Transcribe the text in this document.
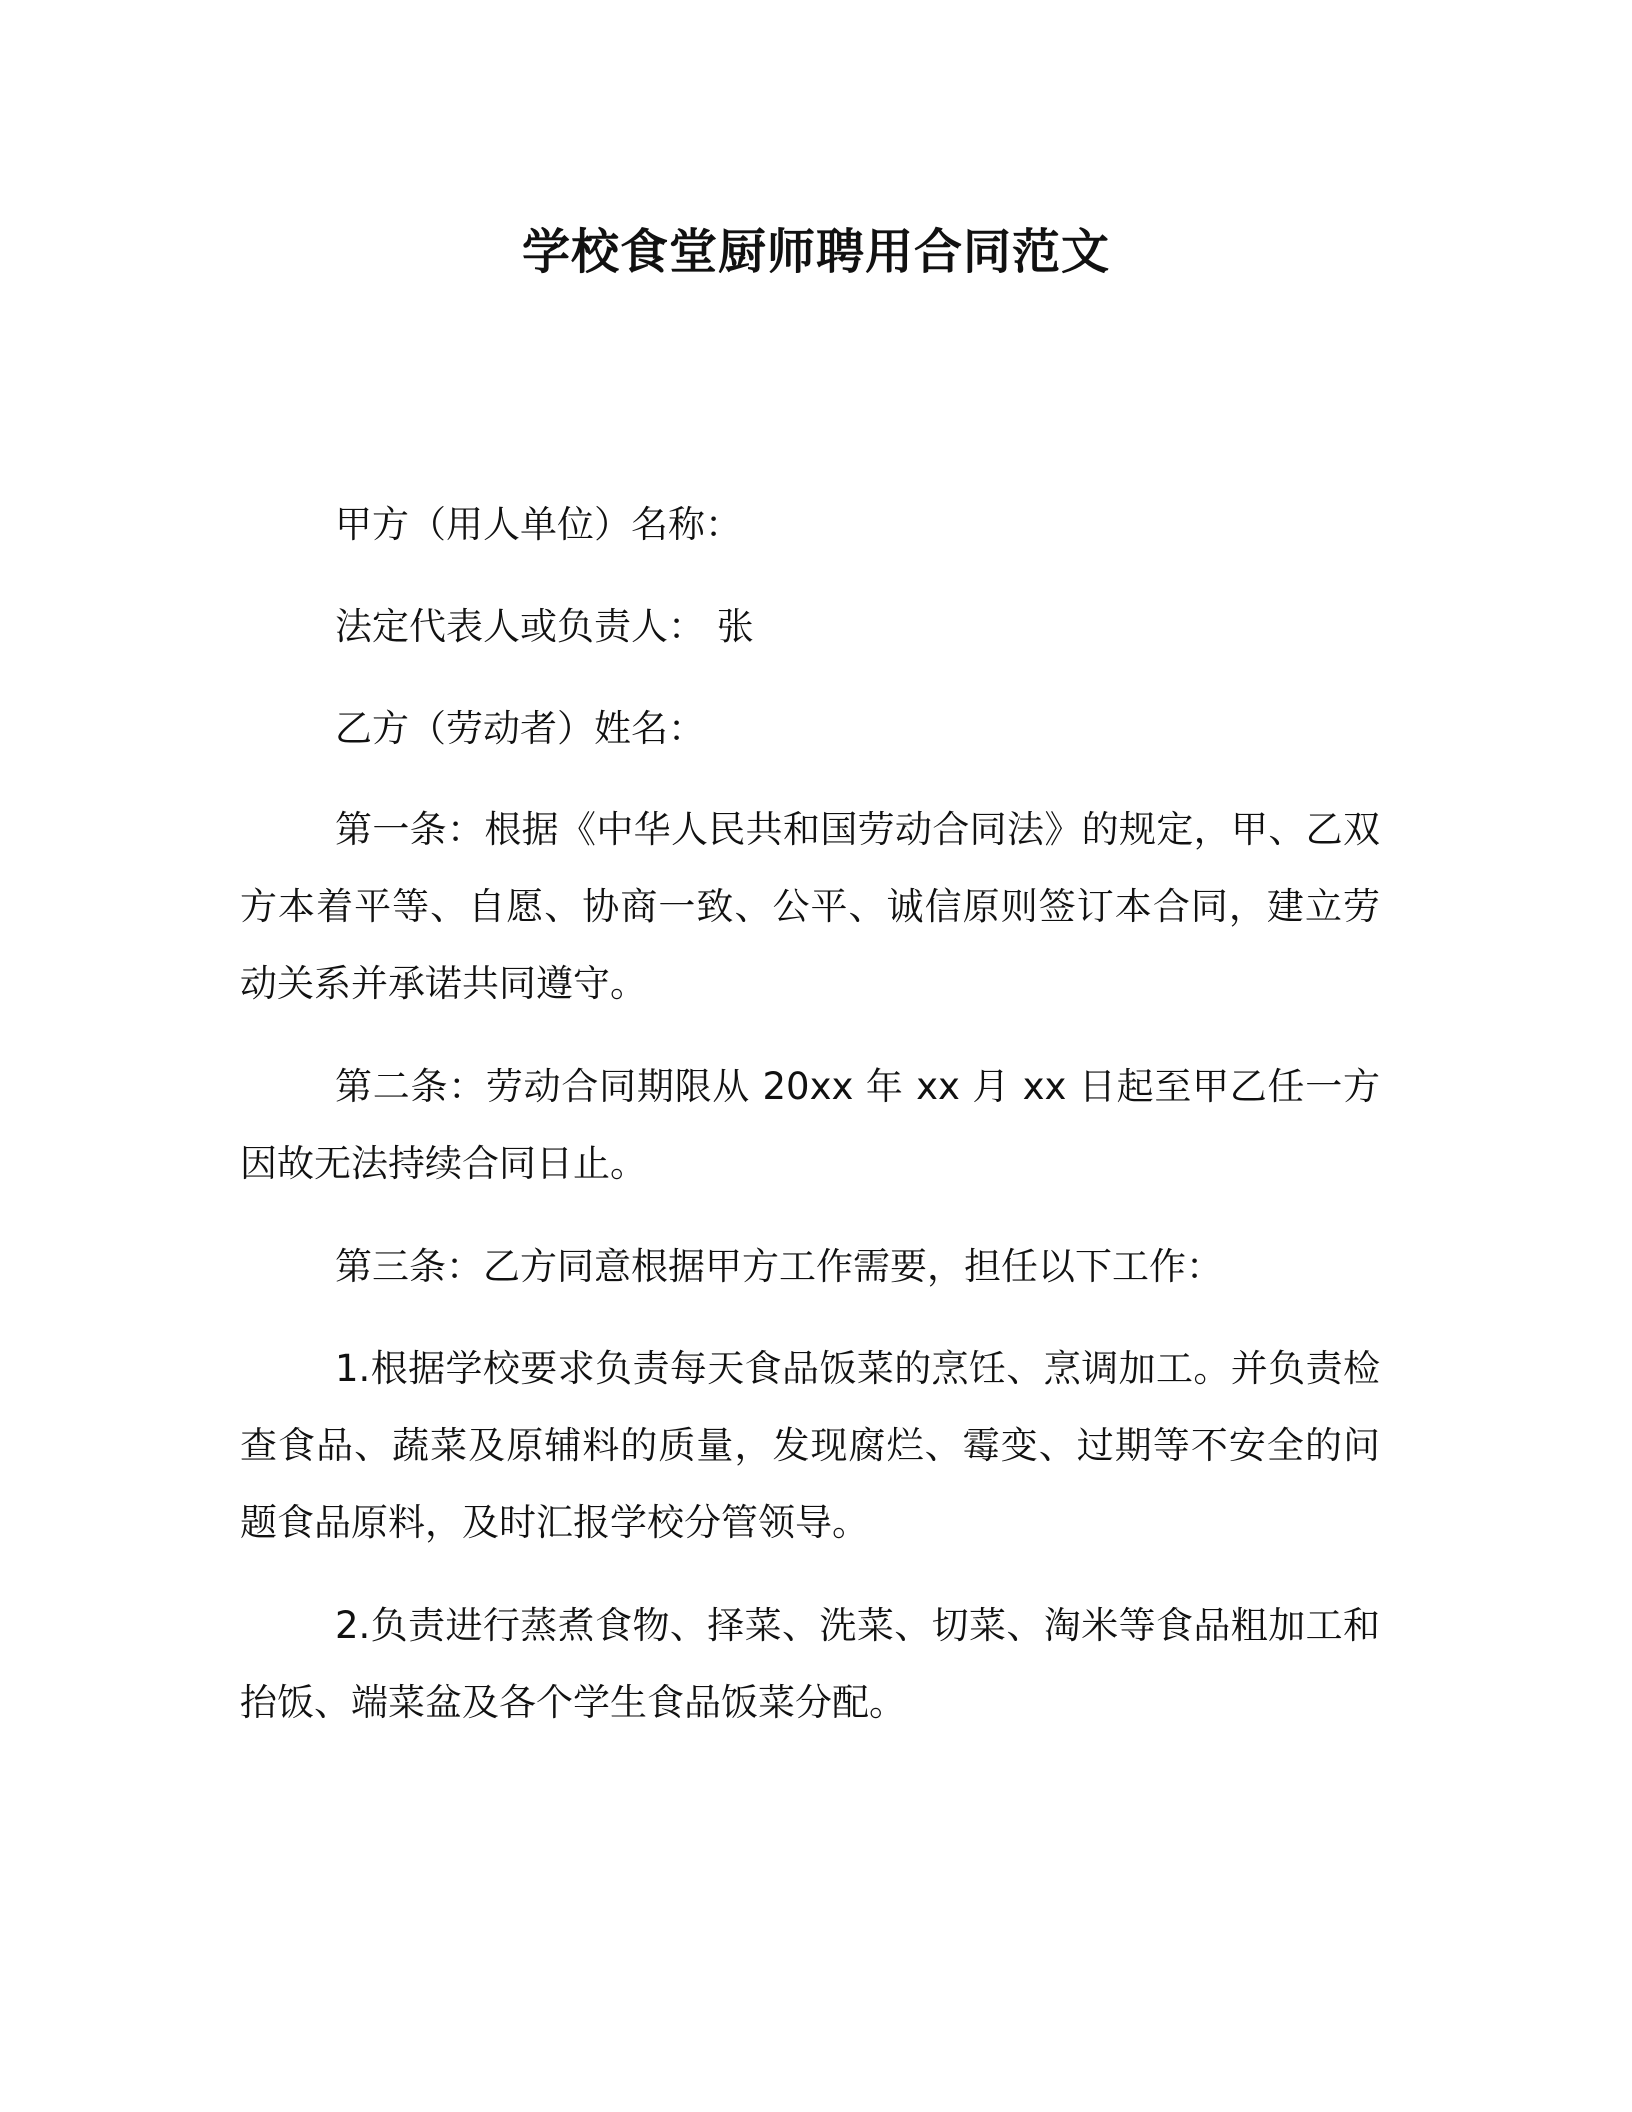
学校食堂厨师聘用合同范文

甲方（用人单位）名称：

法定代表人或负责人： 张

乙方（劳动者）姓名：

第一条：根据《中华人民共和国劳动合同法》的规定，甲、乙双方本着平等、自愿、协商一致、公平、诚信原则签订本合同，建立劳动关系并承诺共同遵守。

第二条：劳动合同期限从 20xx 年 xx 月 xx 日起至甲乙任一方因故无法持续合同日止。

第三条：乙方同意根据甲方工作需要，担任以下工作：

1.根据学校要求负责每天食品饭菜的烹饪、烹调加工。并负责检查食品、蔬菜及原辅料的质量，发现腐烂、霉变、过期等不安全的问题食品原料，及时汇报学校分管领导。

2.负责进行蒸煮食物、择菜、洗菜、切菜、淘米等食品粗加工和抬饭、端菜盆及各个学生食品饭菜分配。
